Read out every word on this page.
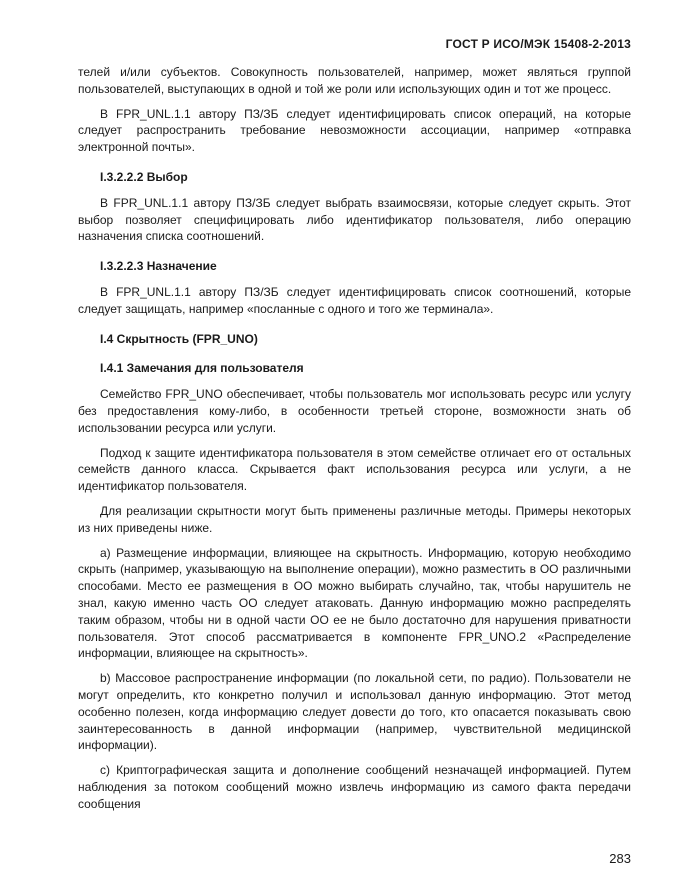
ГОСТ Р ИСО/МЭК 15408-2-2013

телей и/или субъектов. Совокупность пользователей, например, может являться группой пользователей, выступающих в одной и той же роли или использующих один и тот же процесс.

В FPR_UNL.1.1 автору ПЗ/ЗБ следует идентифицировать список операций, на которые следует распространить требование невозможности ассоциации, например «отправка электронной почты».

I.3.2.2.2 Выбор

В FPR_UNL.1.1 автору ПЗ/ЗБ следует выбрать взаимосвязи, которые следует скрыть. Этот выбор позволяет специфицировать либо идентификатор пользователя, либо операцию назначения списка соотношений.

I.3.2.2.3 Назначение

В FPR_UNL.1.1 автору ПЗ/ЗБ следует идентифицировать список соотношений, которые следует защищать, например «посланные с одного и того же терминала».

I.4 Скрытность (FPR_UNO)

I.4.1 Замечания для пользователя

Семейство FPR_UNO обеспечивает, чтобы пользователь мог использовать ресурс или услугу без предоставления кому-либо, в особенности третьей стороне, возможности знать об использовании ресурса или услуги.

Подход к защите идентификатора пользователя в этом семействе отличает его от остальных семейств данного класса. Скрывается факт использования ресурса или услуги, а не идентификатор пользователя.

Для реализации скрытности могут быть применены различные методы. Примеры некоторых из них приведены ниже.

a) Размещение информации, влияющее на скрытность. Информацию, которую необходимо скрыть (например, указывающую на выполнение операции), можно разместить в ОО различными способами. Место ее размещения в ОО можно выбирать случайно, так, чтобы нарушитель не знал, какую именно часть ОО следует атаковать. Данную информацию можно распределять таким образом, чтобы ни в одной части ОО ее не было достаточно для нарушения приватности пользователя. Этот способ рассматривается в компоненте FPR_UNO.2 «Распределение информации, влияющее на скрытность».

b) Массовое распространение информации (по локальной сети, по радио). Пользователи не могут определить, кто конкретно получил и использовал данную информацию. Этот метод особенно полезен, когда информацию следует довести до того, кто опасается показывать свою заинтересованность в данной информации (например, чувствительной медицинской информации).

c) Криптографическая защита и дополнение сообщений незначащей информацией. Путем наблюдения за потоком сообщений можно извлечь информацию из самого факта передачи сообщения

283
